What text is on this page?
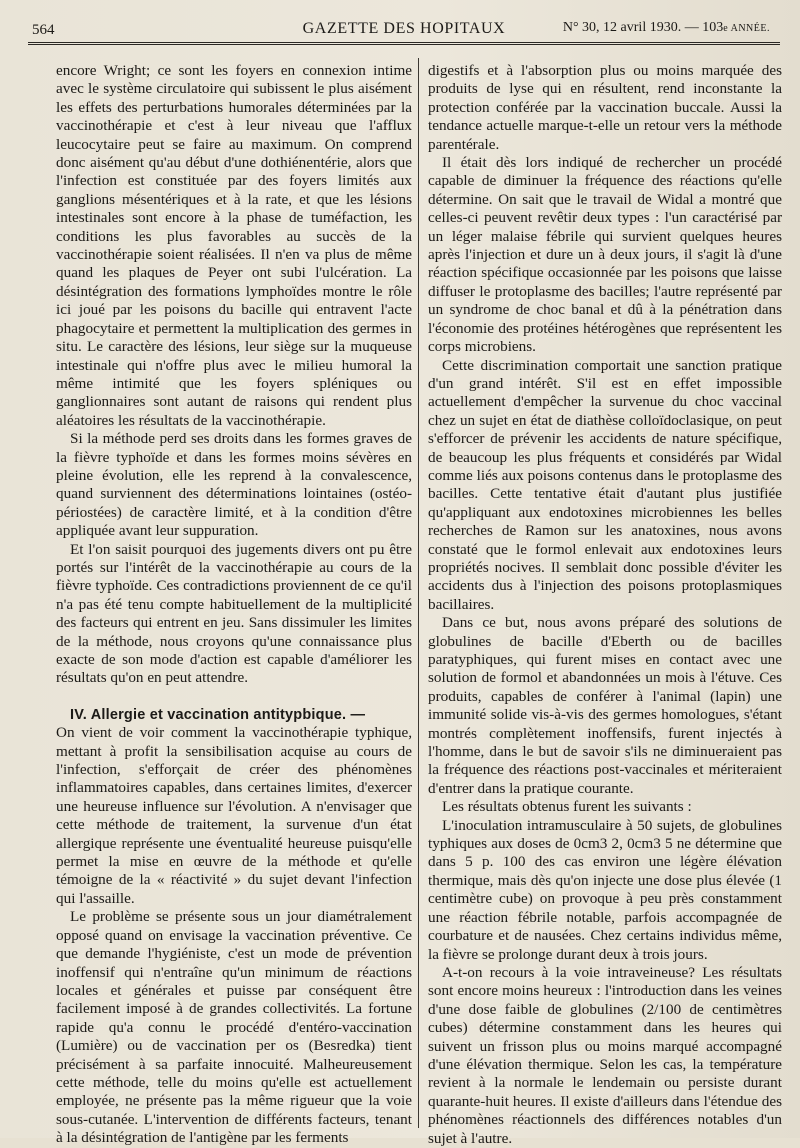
564	GAZETTE DES HOPITAUX	N° 30, 12 avril 1930. — 103e ANNÉE.

encore Wright; ce sont les foyers en connexion intime avec le système circulatoire qui subissent le plus aisément les effets des perturbations humorales déterminées par la vaccinothérapie et c'est à leur niveau que l'afflux leucocytaire peut se faire au maximum. On comprend donc aisément qu'au début d'une dothiénentérie, alors que l'infection est constituée par des foyers limités aux ganglions mésentériques et à la rate, et que les lésions intestinales sont encore à la phase de tuméfaction, les conditions les plus favorables au succès de la vaccinothérapie soient réalisées. Il n'en va plus de même quand les plaques de Peyer ont subi l'ulcération. La désintégration des formations lymphoïdes montre le rôle ici joué par les poisons du bacille qui entravent l'acte phagocytaire et permettent la multiplication des germes in situ. Le caractère des lésions, leur siège sur la muqueuse intestinale qui n'offre plus avec le milieu humoral la même intimité que les foyers spléniques ou ganglionnaires sont autant de raisons qui rendent plus aléatoires les résultats de la vaccinothérapie.

Si la méthode perd ses droits dans les formes graves de la fièvre typhoïde et dans les formes moins sévères en pleine évolution, elle les reprend à la convalescence, quand surviennent des déterminations lointaines (ostéo-périostées) de caractère limité, et à la condition d'être appliquée avant leur suppuration.

Et l'on saisit pourquoi des jugements divers ont pu être portés sur l'intérêt de la vaccinothérapie au cours de la fièvre typhoïde. Ces contradictions proviennent de ce qu'il n'a pas été tenu compte habituellement de la multiplicité des facteurs qui entrent en jeu. Sans dissimuler les limites de la méthode, nous croyons qu'une connaissance plus exacte de son mode d'action est capable d'améliorer les résultats qu'on en peut attendre.

IV. Allergie et vaccination antitypbique. —

On vient de voir comment la vaccinothérapie typhique, mettant à profit la sensibilisation acquise au cours de l'infection, s'efforçait de créer des phénomènes inflammatoires capables, dans certaines limites, d'exercer une heureuse influence sur l'évolution. A n'envisager que cette méthode de traitement, la survenue d'un état allergique représente une éventualité heureuse puisqu'elle permet la mise en œuvre de la méthode et qu'elle témoigne de la « réactivité » du sujet devant l'infection qui l'assaille.

Le problème se présente sous un jour diamétralement opposé quand on envisage la vaccination préventive. Ce que demande l'hygiéniste, c'est un mode de prévention inoffensif qui n'entraîne qu'un minimum de réactions locales et générales et puisse par conséquent être facilement imposé à de grandes collectivités. La fortune rapide qu'a connu le procédé d'entéro-vaccination (Lumière) ou de vaccination per os (Besredka) tient précisément à sa parfaite innocuité. Malheureusement cette méthode, telle du moins qu'elle est actuellement employée, ne présente pas la même rigueur que la voie sous-cutanée. L'intervention de différents facteurs, tenant à la désintégration de l'antigène par les ferments

digestifs et à l'absorption plus ou moins marquée des produits de lyse qui en résultent, rend inconstante la protection conférée par la vaccination buccale. Aussi la tendance actuelle marque-t-elle un retour vers la méthode parentérale.

Il était dès lors indiqué de rechercher un procédé capable de diminuer la fréquence des réactions qu'elle détermine. On sait que le travail de Widal a montré que celles-ci peuvent revêtir deux types : l'un caractérisé par un léger malaise fébrile qui survient quelques heures après l'injection et dure un à deux jours, il s'agit là d'une réaction spécifique occasionnée par les poisons que laisse diffuser le protoplasme des bacilles; l'autre représenté par un syndrome de choc banal et dû à la pénétration dans l'économie des protéines hétérogènes que représentent les corps microbiens.

Cette discrimination comportait une sanction pratique d'un grand intérêt. S'il est en effet impossible actuellement d'empêcher la survenue du choc vaccinal chez un sujet en état de diathèse colloïdoclasique, on peut s'efforcer de prévenir les accidents de nature spécifique, de beaucoup les plus fréquents et considérés par Widal comme liés aux poisons contenus dans le protoplasme des bacilles. Cette tentative était d'autant plus justifiée qu'appliquant aux endotoxines microbiennes les belles recherches de Ramon sur les anatoxines, nous avons constaté que le formol enlevait aux endotoxines leurs propriétés nocives. Il semblait donc possible d'éviter les accidents dus à l'injection des poisons protoplasmiques bacillaires.

Dans ce but, nous avons préparé des solutions de globulines de bacille d'Eberth ou de bacilles paratyphiques, qui furent mises en contact avec une solution de formol et abandonnées un mois à l'étuve. Ces produits, capables de conférer à l'animal (lapin) une immunité solide vis-à-vis des germes homologues, s'étant montrés complètement inoffensifs, furent injectés à l'homme, dans le but de savoir s'ils ne diminueraient pas la fréquence des réactions post-vaccinales et mériteraient d'entrer dans la pratique courante.

Les résultats obtenus furent les suivants :

L'inoculation intramusculaire à 50 sujets, de globulines typhiques aux doses de 0cm3 2, 0cm3 5 ne détermine que dans 5 p. 100 des cas environ une légère élévation thermique, mais dès qu'on injecte une dose plus élevée (1 centimètre cube) on provoque à peu près constamment une réaction fébrile notable, parfois accompagnée de courbature et de nausées. Chez certains individus même, la fièvre se prolonge durant deux à trois jours.

A-t-on recours à la voie intraveineuse? Les résultats sont encore moins heureux : l'introduction dans les veines d'une dose faible de globulines (2/100 de centimètres cubes) détermine constamment dans les heures qui suivent un frisson plus ou moins marqué accompagné d'une élévation thermique. Selon les cas, la température revient à la normale le lendemain ou persiste durant quarante-huit heures. Il existe d'ailleurs dans l'étendue des phénomènes réactionnels des différences notables d'un sujet à l'autre.
